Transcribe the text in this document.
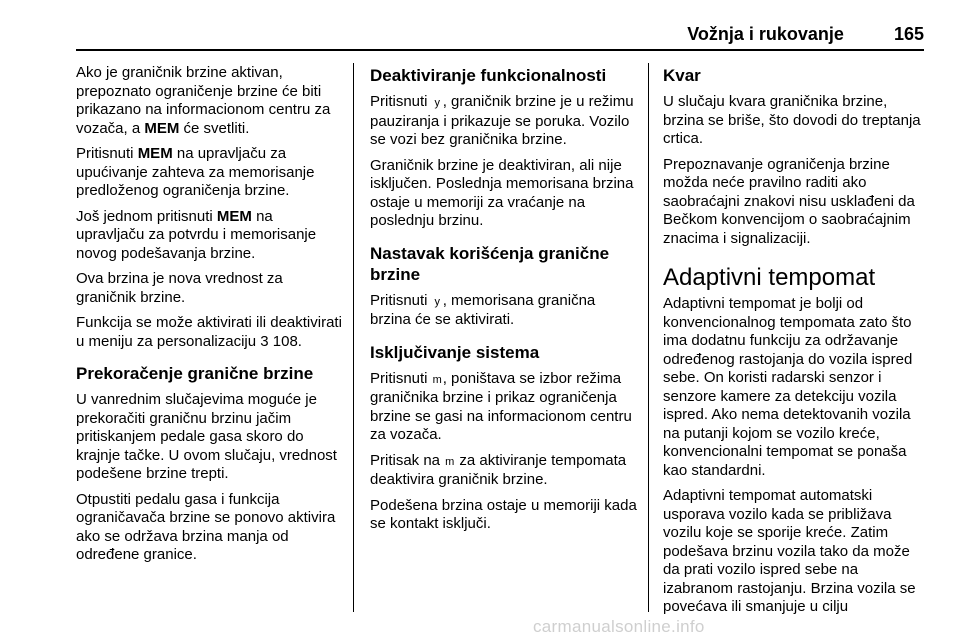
Vožnja i rukovanje	165

Ako je graničnik brzine aktivan, prepoznato ograničenje brzine će biti prikazano na informacionom centru za vozača, a MEM će svetliti.

Pritisnuti MEM na upravljaču za upućivanje zahteva za memorisanje predloženog ograničenja brzine.

Još jednom pritisnuti MEM na upravljaču za potvrdu i memorisanje novog podešavanja brzine.

Ova brzina je nova vrednost za graničnik brzine.

Funkcija se može aktivirati ili deaktivirati u meniju za personalizaciju 3 108.

Prekoračenje granične brzine

U vanrednim slučajevima moguće je prekoračiti graničnu brzinu jačim pritiskanjem pedale gasa skoro do krajnje tačke. U ovom slučaju, vrednost podešene brzine trepti.

Otpustiti pedalu gasa i funkcija ograničavača brzine se ponovo aktivira ako se održava brzina manja od određene granice.

Deaktiviranje funkcionalnosti

Pritisnuti y , graničnik brzine je u režimu pauziranja i prikazuje se poruka. Vozilo se vozi bez graničnika brzine.

Graničnik brzine je deaktiviran, ali nije isključen. Poslednja memorisana brzina ostaje u memoriji za vraćanje na poslednju brzinu.

Nastavak korišćenja granične brzine

Pritisnuti y , memorisana granična brzina će se aktivirati.

Isključivanje sistema

Pritisnuti m, poništava se izbor režima graničnika brzine i prikaz ograničenja brzine se gasi na informacionom centru za vozača.

Pritisak na m za aktiviranje tempomata deaktivira graničnik brzine.

Podešena brzina ostaje u memoriji kada se kontakt isključi.

Kvar

U slučaju kvara graničnika brzine, brzina se briše, što dovodi do treptanja crtica.

Prepoznavanje ograničenja brzine možda neće pravilno raditi ako saobraćajni znakovi nisu usklađeni da Bečkom konvencijom o saobraćajnim znacima i signalizaciji.

Adaptivni tempomat

Adaptivni tempomat je bolji od konvencionalnog tempomata zato što ima dodatnu funkciju za održavanje određenog rastojanja do vozila ispred sebe. On koristi radarski senzor i senzore kamere za detekciju vozila ispred. Ako nema detektovanih vozila na putanji kojom se vozilo kreće, konvencionalni tempomat se ponaša kao standardni.

Adaptivni tempomat automatski usporava vozilo kada se približava vozilu koje se sporije kreće. Zatim podešava brzinu vozila tako da može da prati vozilo ispred sebe na izabranom rastojanju. Brzina vozila se povećava ili smanjuje u cilju

carmanualsonline.info
